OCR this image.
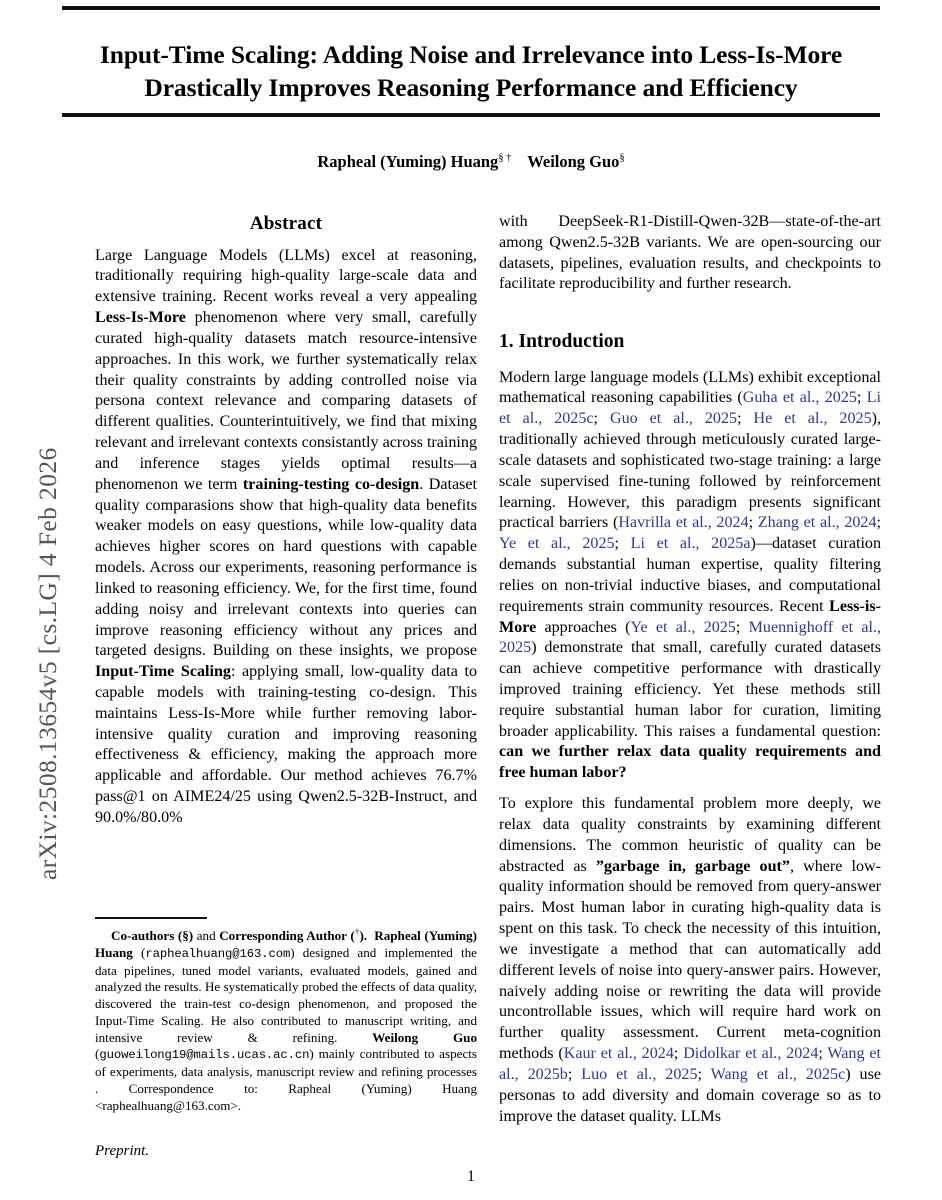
arXiv:2508.13654v5 [cs.LG] 4 Feb 2026
Input-Time Scaling: Adding Noise and Irrelevance into Less-Is-More Drastically Improves Reasoning Performance and Efficiency
Rapheal (Yuming) Huang§ † Weilong Guo§
Abstract

Large Language Models (LLMs) excel at reasoning, traditionally requiring high-quality large-scale data and extensive training. Recent works reveal a very appealing Less-Is-More phenomenon where very small, carefully curated high-quality datasets match resource-intensive approaches. In this work, we further systematically relax their quality constraints by adding controlled noise via persona context relevance and comparing datasets of different qualities. Counterintuitively, we find that mixing relevant and irrelevant contexts consistantly across training and inference stages yields optimal results—a phenomenon we term training-testing co-design. Dataset quality comparasions show that high-quality data benefits weaker models on easy questions, while low-quality data achieves higher scores on hard questions with capable models. Across our experiments, reasoning performance is linked to reasoning efficiency. We, for the first time, found adding noisy and irrelevant contexts into queries can improve reasoning efficiency without any prices and targeted designs. Building on these insights, we propose Input-Time Scaling: applying small, low-quality data to capable models with training-testing co-design. This maintains Less-Is-More while further removing labor-intensive quality curation and improving reasoning effectiveness & efficiency, making the approach more applicable and affordable. Our method achieves 76.7% pass@1 on AIME24/25 using Qwen2.5-32B-Instruct, and 90.0%/80.0%

with DeepSeek-R1-Distill-Qwen-32B—state-of-the-art among Qwen2.5-32B variants. We are open-sourcing our datasets, pipelines, evaluation results, and checkpoints to facilitate reproducibility and further research.

1. Introduction

Modern large language models (LLMs) exhibit exceptional mathematical reasoning capabilities (Guha et al., 2025; Li et al., 2025c; Guo et al., 2025; He et al., 2025), traditionally achieved through meticulously curated large-scale datasets and sophisticated two-stage training: a large scale supervised fine-tuning followed by reinforcement learning. However, this paradigm presents significant practical barriers (Havrilla et al., 2024; Zhang et al., 2024; Ye et al., 2025; Li et al., 2025a)—dataset curation demands substantial human expertise, quality filtering relies on non-trivial inductive biases, and computational requirements strain community resources. Recent Less-is-More approaches (Ye et al., 2025; Muennighoff et al., 2025) demonstrate that small, carefully curated datasets can achieve competitive performance with drastically improved training efficiency. Yet these methods still require substantial human labor for curation, limiting broader applicability. This raises a fundamental question: can we further relax data quality requirements and free human labor?

To explore this fundamental problem more deeply, we relax data quality constraints by examining different dimensions. The common heuristic of quality can be abstracted as ”garbage in, garbage out”, where low-quality information should be removed from query-answer pairs. Most human labor in curating high-quality data is spent on this task. To check the necessity of this intuition, we investigate a method that can automatically add different levels of noise into query-answer pairs. However, naively adding noise or rewriting the data will provide uncontrollable issues, which will require hard work on further quality assessment. Current meta-cognition methods (Kaur et al., 2024; Didolkar et al., 2024; Wang et al., 2025b; Luo et al., 2025; Wang et al., 2025c) use personas to add diversity and domain coverage so as to improve the dataset quality. LLMs

Co-authors (§) and Corresponding Author (†). Rapheal (Yuming) Huang (raphealhuang@163.com) designed and implemented the data pipelines, tuned model variants, evaluated models, gained and analyzed the results. He systematically probed the effects of data quality, discovered the train-test co-design phenomenon, and proposed the Input-Time Scaling. He also contributed to manuscript writing, and intensive review & refining. Weilong Guo (guoweilong19@mails.ucas.ac.cn) mainly contributed to aspects of experiments, data analysis, manuscript review and refining processes . Correspondence to: Rapheal (Yuming) Huang <raphealhuang@163.com>.
Preprint.
1
